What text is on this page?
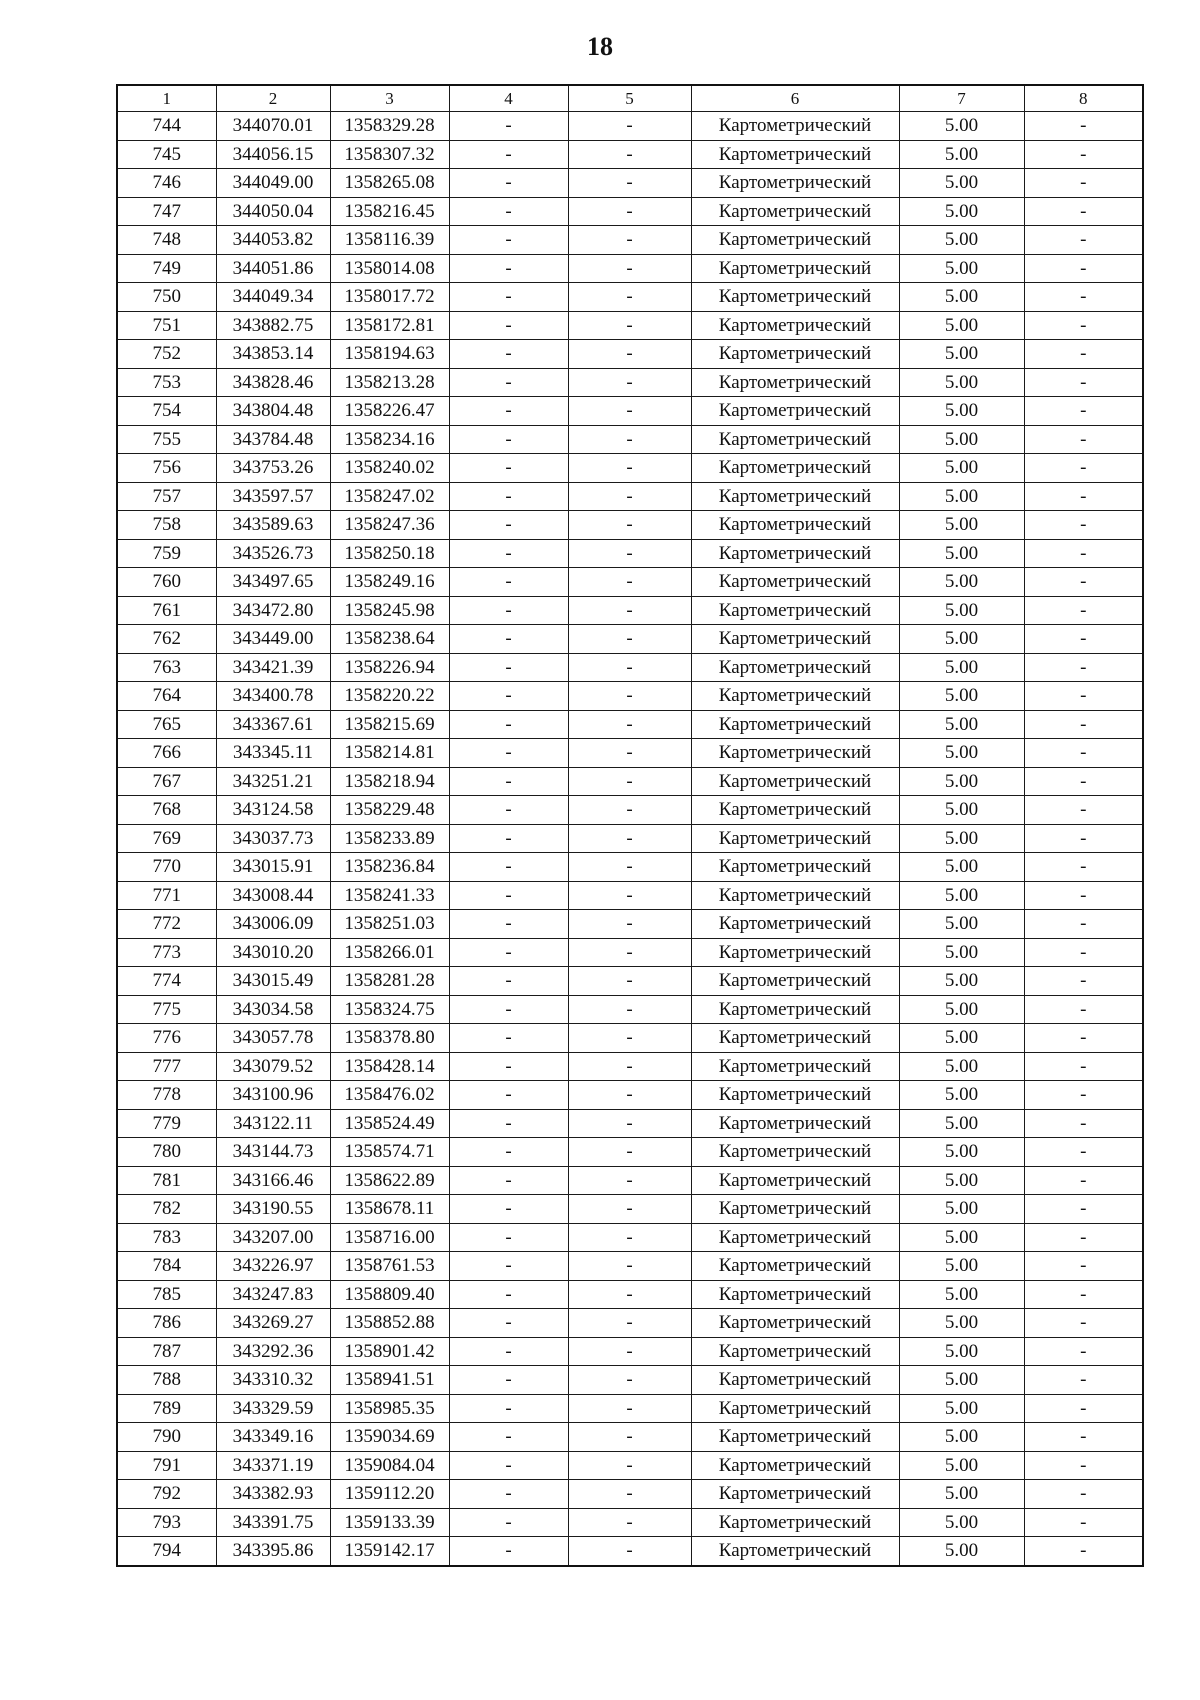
18
1	2	3	4	5	6	7	8
744	344070.01	1358329.28	-	-	Картометрический	5.00	-
745	344056.15	1358307.32	-	-	Картометрический	5.00	-
746	344049.00	1358265.08	-	-	Картометрический	5.00	-
747	344050.04	1358216.45	-	-	Картометрический	5.00	-
748	344053.82	1358116.39	-	-	Картометрический	5.00	-
749	344051.86	1358014.08	-	-	Картометрический	5.00	-
750	344049.34	1358017.72	-	-	Картометрический	5.00	-
751	343882.75	1358172.81	-	-	Картометрический	5.00	-
752	343853.14	1358194.63	-	-	Картометрический	5.00	-
753	343828.46	1358213.28	-	-	Картометрический	5.00	-
754	343804.48	1358226.47	-	-	Картометрический	5.00	-
755	343784.48	1358234.16	-	-	Картометрический	5.00	-
756	343753.26	1358240.02	-	-	Картометрический	5.00	-
757	343597.57	1358247.02	-	-	Картометрический	5.00	-
758	343589.63	1358247.36	-	-	Картометрический	5.00	-
759	343526.73	1358250.18	-	-	Картометрический	5.00	-
760	343497.65	1358249.16	-	-	Картометрический	5.00	-
761	343472.80	1358245.98	-	-	Картометрический	5.00	-
762	343449.00	1358238.64	-	-	Картометрический	5.00	-
763	343421.39	1358226.94	-	-	Картометрический	5.00	-
764	343400.78	1358220.22	-	-	Картометрический	5.00	-
765	343367.61	1358215.69	-	-	Картометрический	5.00	-
766	343345.11	1358214.81	-	-	Картометрический	5.00	-
767	343251.21	1358218.94	-	-	Картометрический	5.00	-
768	343124.58	1358229.48	-	-	Картометрический	5.00	-
769	343037.73	1358233.89	-	-	Картометрический	5.00	-
770	343015.91	1358236.84	-	-	Картометрический	5.00	-
771	343008.44	1358241.33	-	-	Картометрический	5.00	-
772	343006.09	1358251.03	-	-	Картометрический	5.00	-
773	343010.20	1358266.01	-	-	Картометрический	5.00	-
774	343015.49	1358281.28	-	-	Картометрический	5.00	-
775	343034.58	1358324.75	-	-	Картометрический	5.00	-
776	343057.78	1358378.80	-	-	Картометрический	5.00	-
777	343079.52	1358428.14	-	-	Картометрический	5.00	-
778	343100.96	1358476.02	-	-	Картометрический	5.00	-
779	343122.11	1358524.49	-	-	Картометрический	5.00	-
780	343144.73	1358574.71	-	-	Картометрический	5.00	-
781	343166.46	1358622.89	-	-	Картометрический	5.00	-
782	343190.55	1358678.11	-	-	Картометрический	5.00	-
783	343207.00	1358716.00	-	-	Картометрический	5.00	-
784	343226.97	1358761.53	-	-	Картометрический	5.00	-
785	343247.83	1358809.40	-	-	Картометрический	5.00	-
786	343269.27	1358852.88	-	-	Картометрический	5.00	-
787	343292.36	1358901.42	-	-	Картометрический	5.00	-
788	343310.32	1358941.51	-	-	Картометрический	5.00	-
789	343329.59	1358985.35	-	-	Картометрический	5.00	-
790	343349.16	1359034.69	-	-	Картометрический	5.00	-
791	343371.19	1359084.04	-	-	Картометрический	5.00	-
792	343382.93	1359112.20	-	-	Картометрический	5.00	-
793	343391.75	1359133.39	-	-	Картометрический	5.00	-
794	343395.86	1359142.17	-	-	Картометрический	5.00	-
